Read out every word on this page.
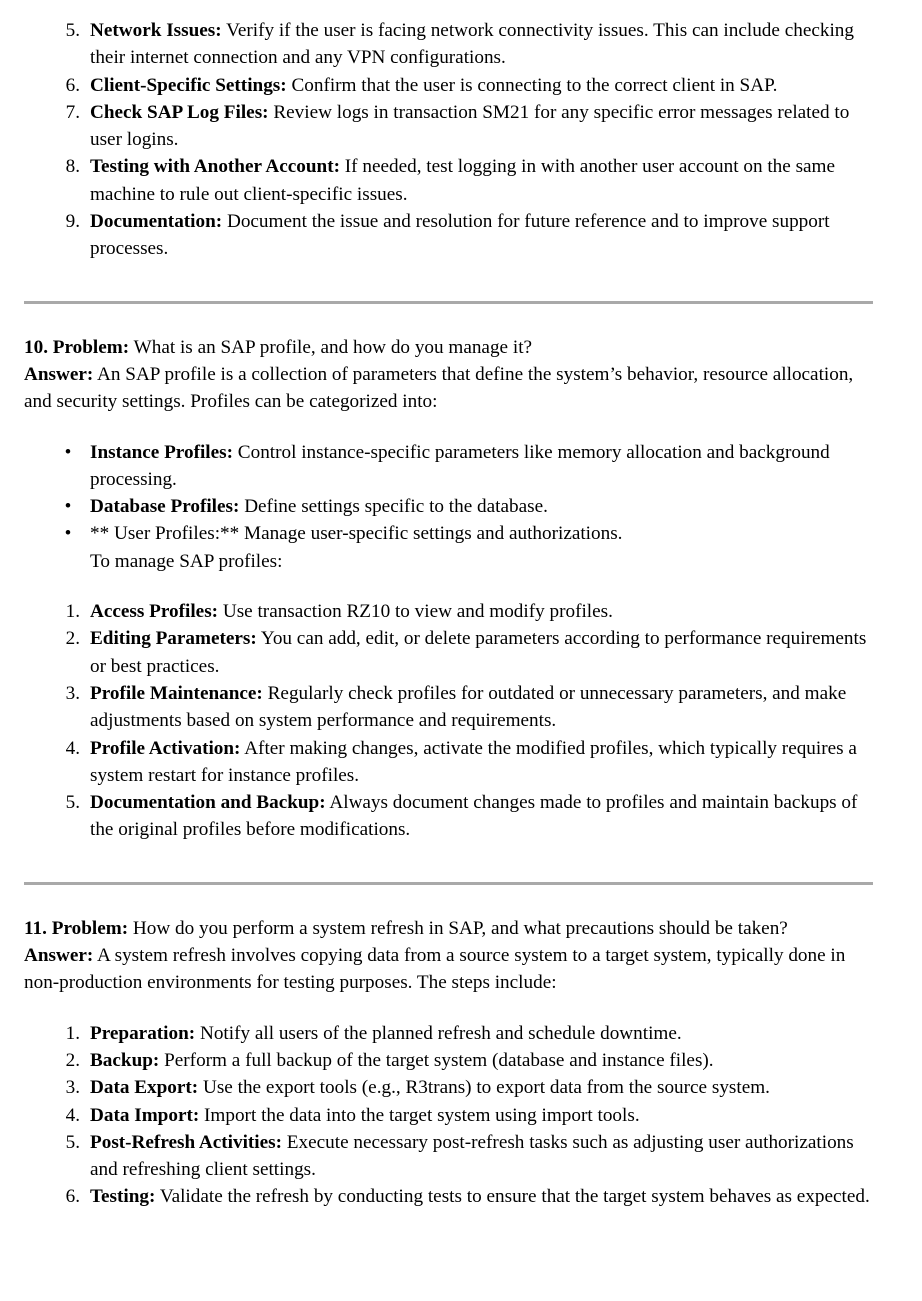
5. Network Issues: Verify if the user is facing network connectivity issues. This can include checking their internet connection and any VPN configurations.
6. Client-Specific Settings: Confirm that the user is connecting to the correct client in SAP.
7. Check SAP Log Files: Review logs in transaction SM21 for any specific error messages related to user logins.
8. Testing with Another Account: If needed, test logging in with another user account on the same machine to rule out client-specific issues.
9. Documentation: Document the issue and resolution for future reference and to improve support processes.

10. Problem: What is an SAP profile, and how do you manage it?

Answer: An SAP profile is a collection of parameters that define the system’s behavior, resource allocation, and security settings. Profiles can be categorized into:

• Instance Profiles: Control instance-specific parameters like memory allocation and background processing.
• Database Profiles: Define settings specific to the database.
• ** User Profiles:** Manage user-specific settings and authorizations.
To manage SAP profiles:
1. Access Profiles: Use transaction RZ10 to view and modify profiles.
2. Editing Parameters: You can add, edit, or delete parameters according to performance requirements or best practices.
3. Profile Maintenance: Regularly check profiles for outdated or unnecessary parameters, and make adjustments based on system performance and requirements.
4. Profile Activation: After making changes, activate the modified profiles, which typically requires a system restart for instance profiles.
5. Documentation and Backup: Always document changes made to profiles and maintain backups of the original profiles before modifications.

11. Problem: How do you perform a system refresh in SAP, and what precautions should be taken?

Answer: A system refresh involves copying data from a source system to a target system, typically done in non-production environments for testing purposes. The steps include:

1. Preparation: Notify all users of the planned refresh and schedule downtime.
2. Backup: Perform a full backup of the target system (database and instance files).
3. Data Export: Use the export tools (e.g., R3trans) to export data from the source system.
4. Data Import: Import the data into the target system using import tools.
5. Post-Refresh Activities: Execute necessary post-refresh tasks such as adjusting user authorizations and refreshing client settings.
6. Testing: Validate the refresh by conducting tests to ensure that the target system behaves as expected.
